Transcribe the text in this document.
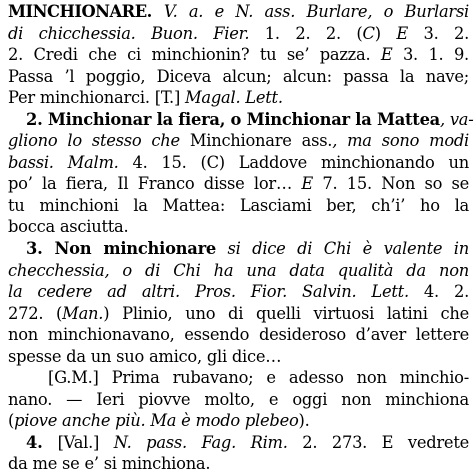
MINCHIONARE. V. a. e N. ass. Burlare, o Burlarsi
di chicchessia. Buon. Fier. 1. 2. 2. (C) E 3. 2.
2. Credi che ci minchionin? tu se’ pazza. E 3. 1. 9.
Passa ’l poggio, Diceva alcun; alcun: passa la nave;
Per minchionarci. [T.] Magal. Lett.
2. Minchionar la fiera, o Minchionar la Mattea, va-
gliono lo stesso che Minchionare ass., ma sono modi
bassi. Malm. 4. 15. (C) Laddove minchionando un
po’ la fiera, Il Franco disse lor… E 7. 15. Non so se
tu minchioni la Mattea: Lasciami ber, ch’i’ ho la
bocca asciutta.
3. Non minchionare si dice di Chi è valente in
checchessia, o di Chi ha una data qualità da non
la cedere ad altri. Pros. Fior. Salvin. Lett. 4. 2.
272. (Man.) Plinio, uno di quelli virtuosi latini che
non minchionavano, essendo desideroso d’aver lettere
spesse da un suo amico, gli dice…
[G.M.] Prima rubavano; e adesso non minchio-
nano. — Ieri piovve molto, e oggi non minchiona
(piove anche più. Ma è modo plebeo).
4. [Val.] N. pass. Fag. Rim. 2. 273. E vedrete
da me se e’ si minchiona.
